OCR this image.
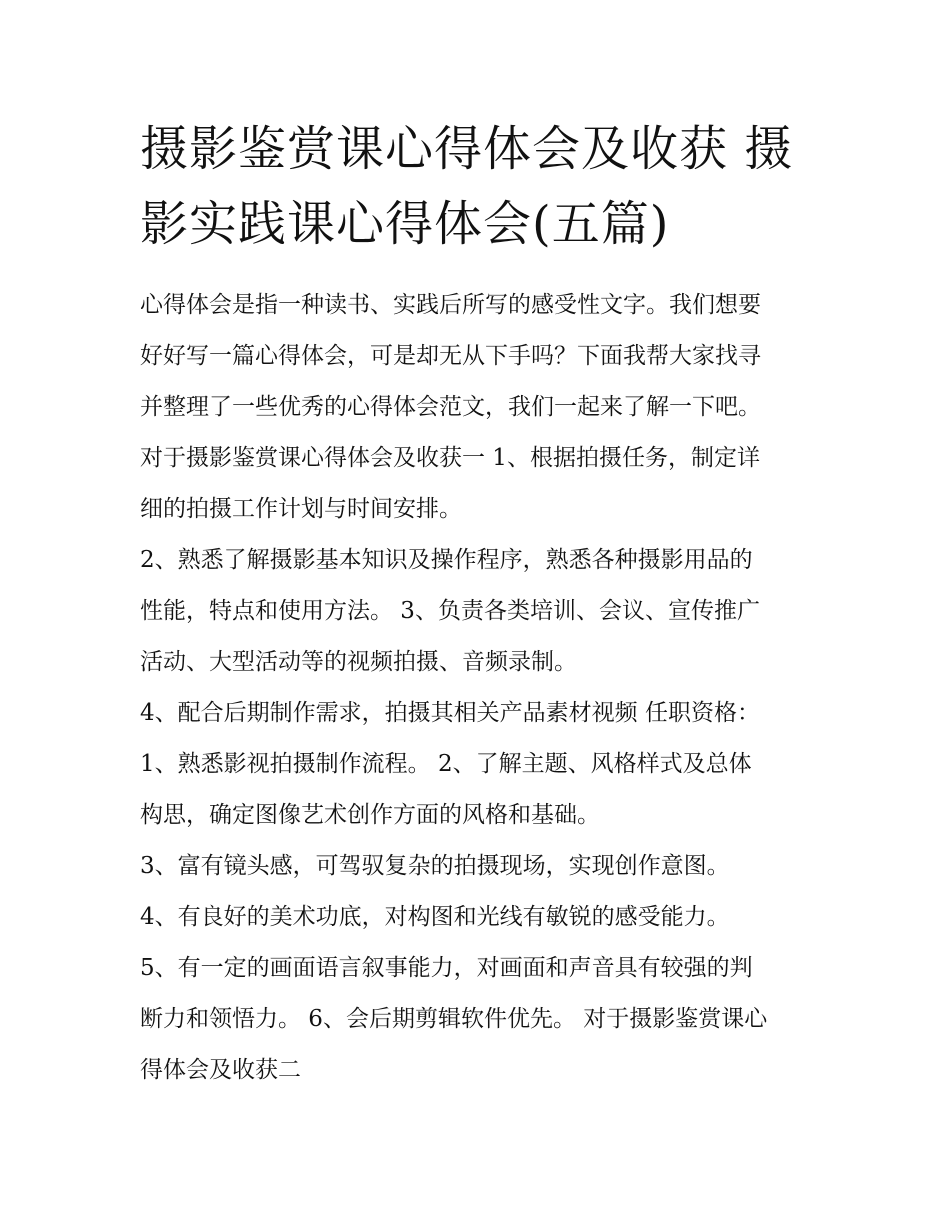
摄影鉴赏课心得体会及收获 摄
影实践课心得体会(五篇)
心得体会是指一种读书、实践后所写的感受性文字。我们想要
好好写一篇心得体会，可是却无从下手吗？下面我帮大家找寻
并整理了一些优秀的心得体会范文，我们一起来了解一下吧。
对于摄影鉴赏课心得体会及收获一 1、根据拍摄任务，制定详
细的拍摄工作计划与时间安排。
2、熟悉了解摄影基本知识及操作程序，熟悉各种摄影用品的
性能，特点和使用方法。 3、负责各类培训、会议、宣传推广
活动、大型活动等的视频拍摄、音频录制。
4、配合后期制作需求，拍摄其相关产品素材视频 任职资格：
1、熟悉影视拍摄制作流程。 2、了解主题、风格样式及总体
构思，确定图像艺术创作方面的风格和基础。
3、富有镜头感，可驾驭复杂的拍摄现场，实现创作意图。
4、有良好的美术功底，对构图和光线有敏锐的感受能力。
5、有一定的画面语言叙事能力，对画面和声音具有较强的判
断力和领悟力。 6、会后期剪辑软件优先。 对于摄影鉴赏课心
得体会及收获二
